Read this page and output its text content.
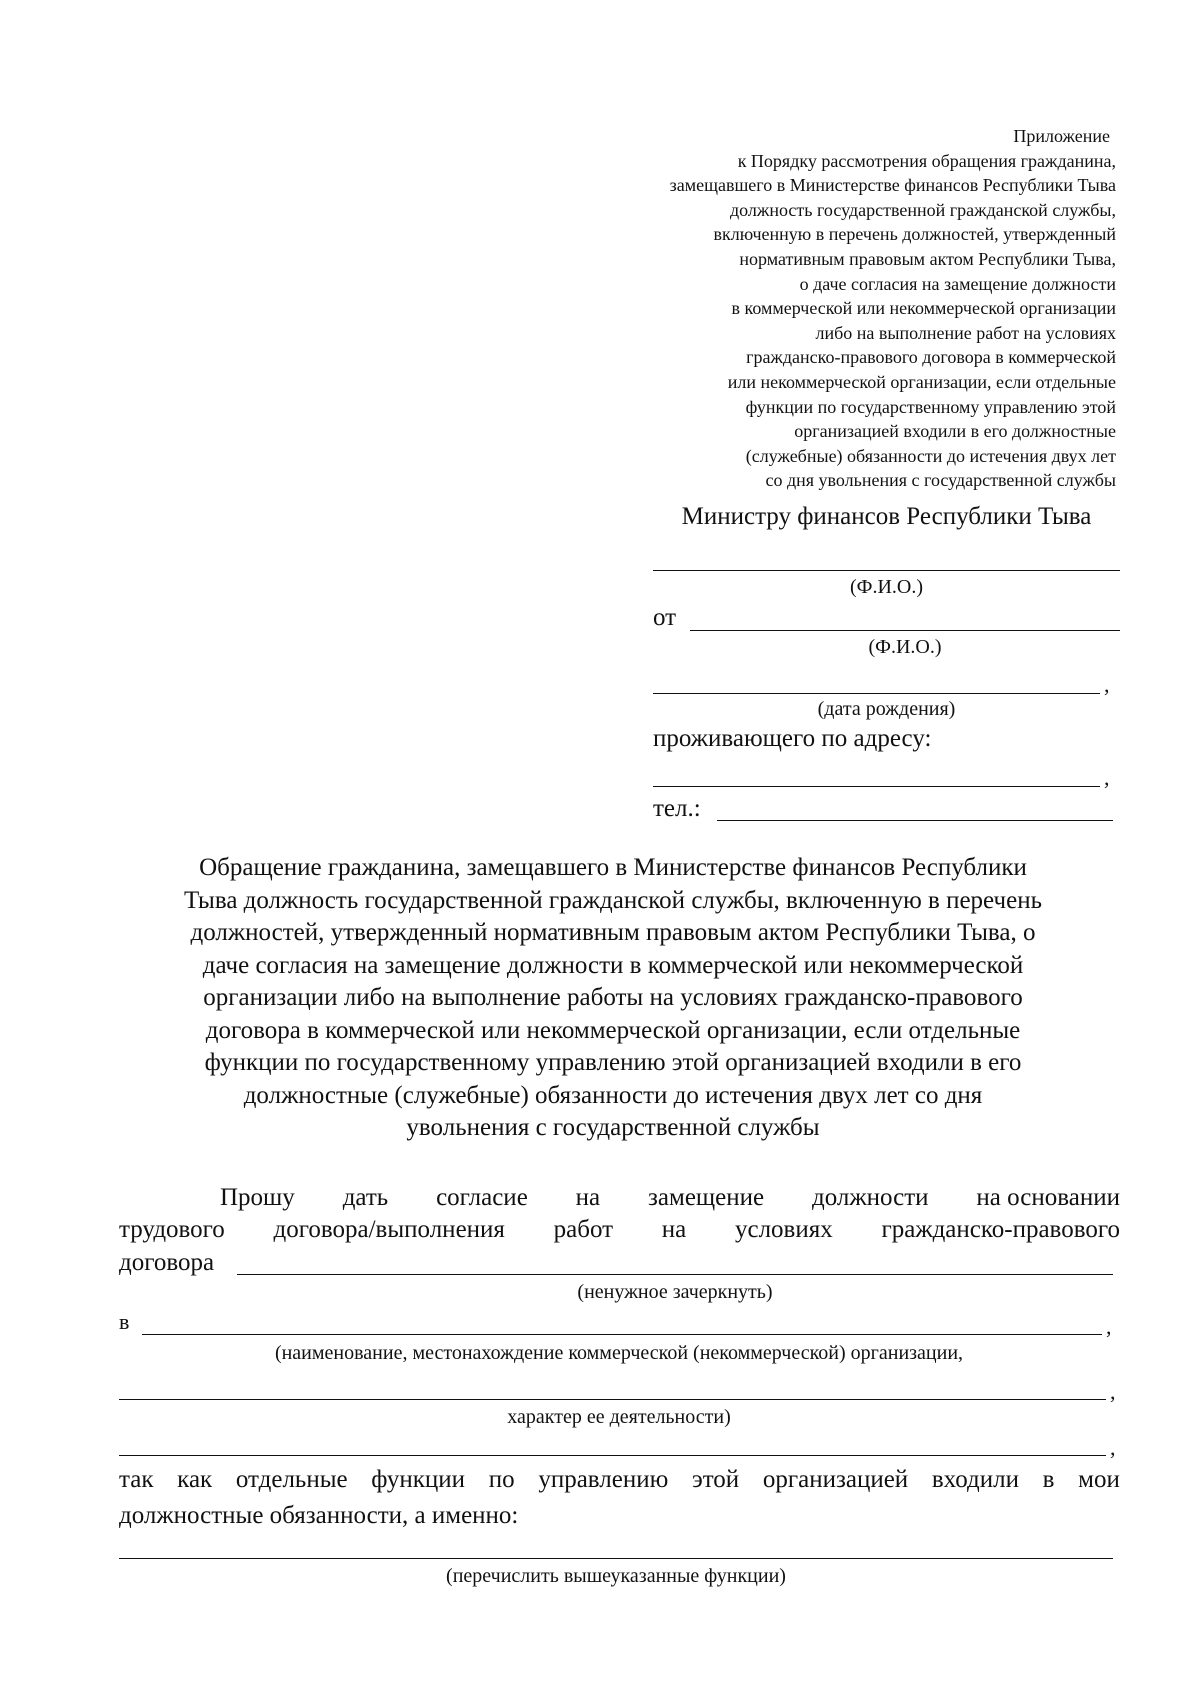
Приложение
к Порядку рассмотрения обращения гражданина,
замещавшего в Министерстве финансов Республики Тыва
должность государственной гражданской службы,
включенную в перечень должностей, утвержденный
нормативным правовым актом Республики Тыва,
о даче согласия на замещение должности
в коммерческой или некоммерческой организации
либо на выполнение работ на условиях
гражданско-правового договора в коммерческой
или некоммерческой организации, если отдельные
функции по государственному управлению этой
организацией входили в его должностные
(служебные) обязанности до истечения двух лет
со дня увольнения с государственной службы
Министру финансов Республики Тыва
(Ф.И.О.)
от
(Ф.И.О.)
,
(дата рождения)
проживающего по адресу:
,
тел.:
Обращение гражданина, замещавшего в Министерстве финансов Республики
Тыва должность государственной гражданской службы, включенную в перечень
должностей, утвержденный нормативным правовым актом Республики Тыва, о
даче согласия на замещение должности в коммерческой или некоммерческой
организации либо на выполнение работы на условиях гражданско-правового
договора в коммерческой или некоммерческой организации, если отдельные
функции по государственному управлению этой организацией входили в его
должностные (служебные) обязанности до истечения двух лет со дня
увольнения с государственной службы
Прошу дать согласие на замещение должности на основании
трудового договора/выполнения работ на условиях гражданско-правового
договора
(ненужное зачеркнуть)
в	,
(наименование, местонахождение коммерческой (некоммерческой) организации,
,
характер ее деятельности)
,
так как отдельные функции по управлению этой организацией входили в мои
должностные обязанности, а именно:
(перечислить вышеуказанные функции)
